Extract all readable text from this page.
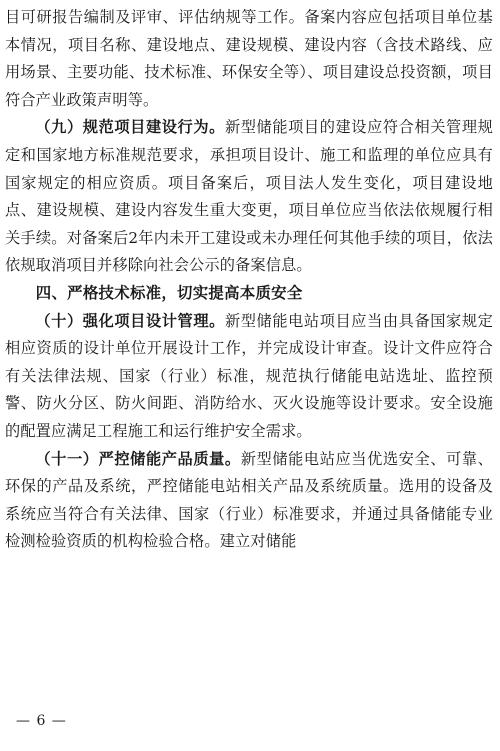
目可研报告编制及评审、评估纳规等工作。备案内容应包括项目单位基本情况，项目名称、建设地点、建设规模、建设内容（含技术路线、应用场景、主要功能、技术标准、环保安全等）、项目建设总投资额，项目符合产业政策声明等。

（九）规范项目建设行为。新型储能项目的建设应符合相关管理规定和国家地方标准规范要求，承担项目设计、施工和监理的单位应具有国家规定的相应资质。项目备案后，项目法人发生变化，项目建设地点、建设规模、建设内容发生重大变更，项目单位应当依法依规履行相关手续。对备案后2年内未开工建设或未办理任何其他手续的项目，依法依规取消项目并移除向社会公示的备案信息。

四、严格技术标准，切实提高本质安全

（十）强化项目设计管理。新型储能电站项目应当由具备国家规定相应资质的设计单位开展设计工作，并完成设计审查。设计文件应符合有关法律法规、国家（行业）标准，规范执行储能电站选址、监控预警、防火分区、防火间距、消防给水、灭火设施等设计要求。安全设施的配置应满足工程施工和运行维护安全需求。

（十一）严控储能产品质量。新型储能电站应当优选安全、可靠、环保的产品及系统，严控储能电站相关产品及系统质量。选用的设备及系统应当符合有关法律、国家（行业）标准要求，并通过具备储能专业检测检验资质的机构检验合格。建立对储能

— 6 —
